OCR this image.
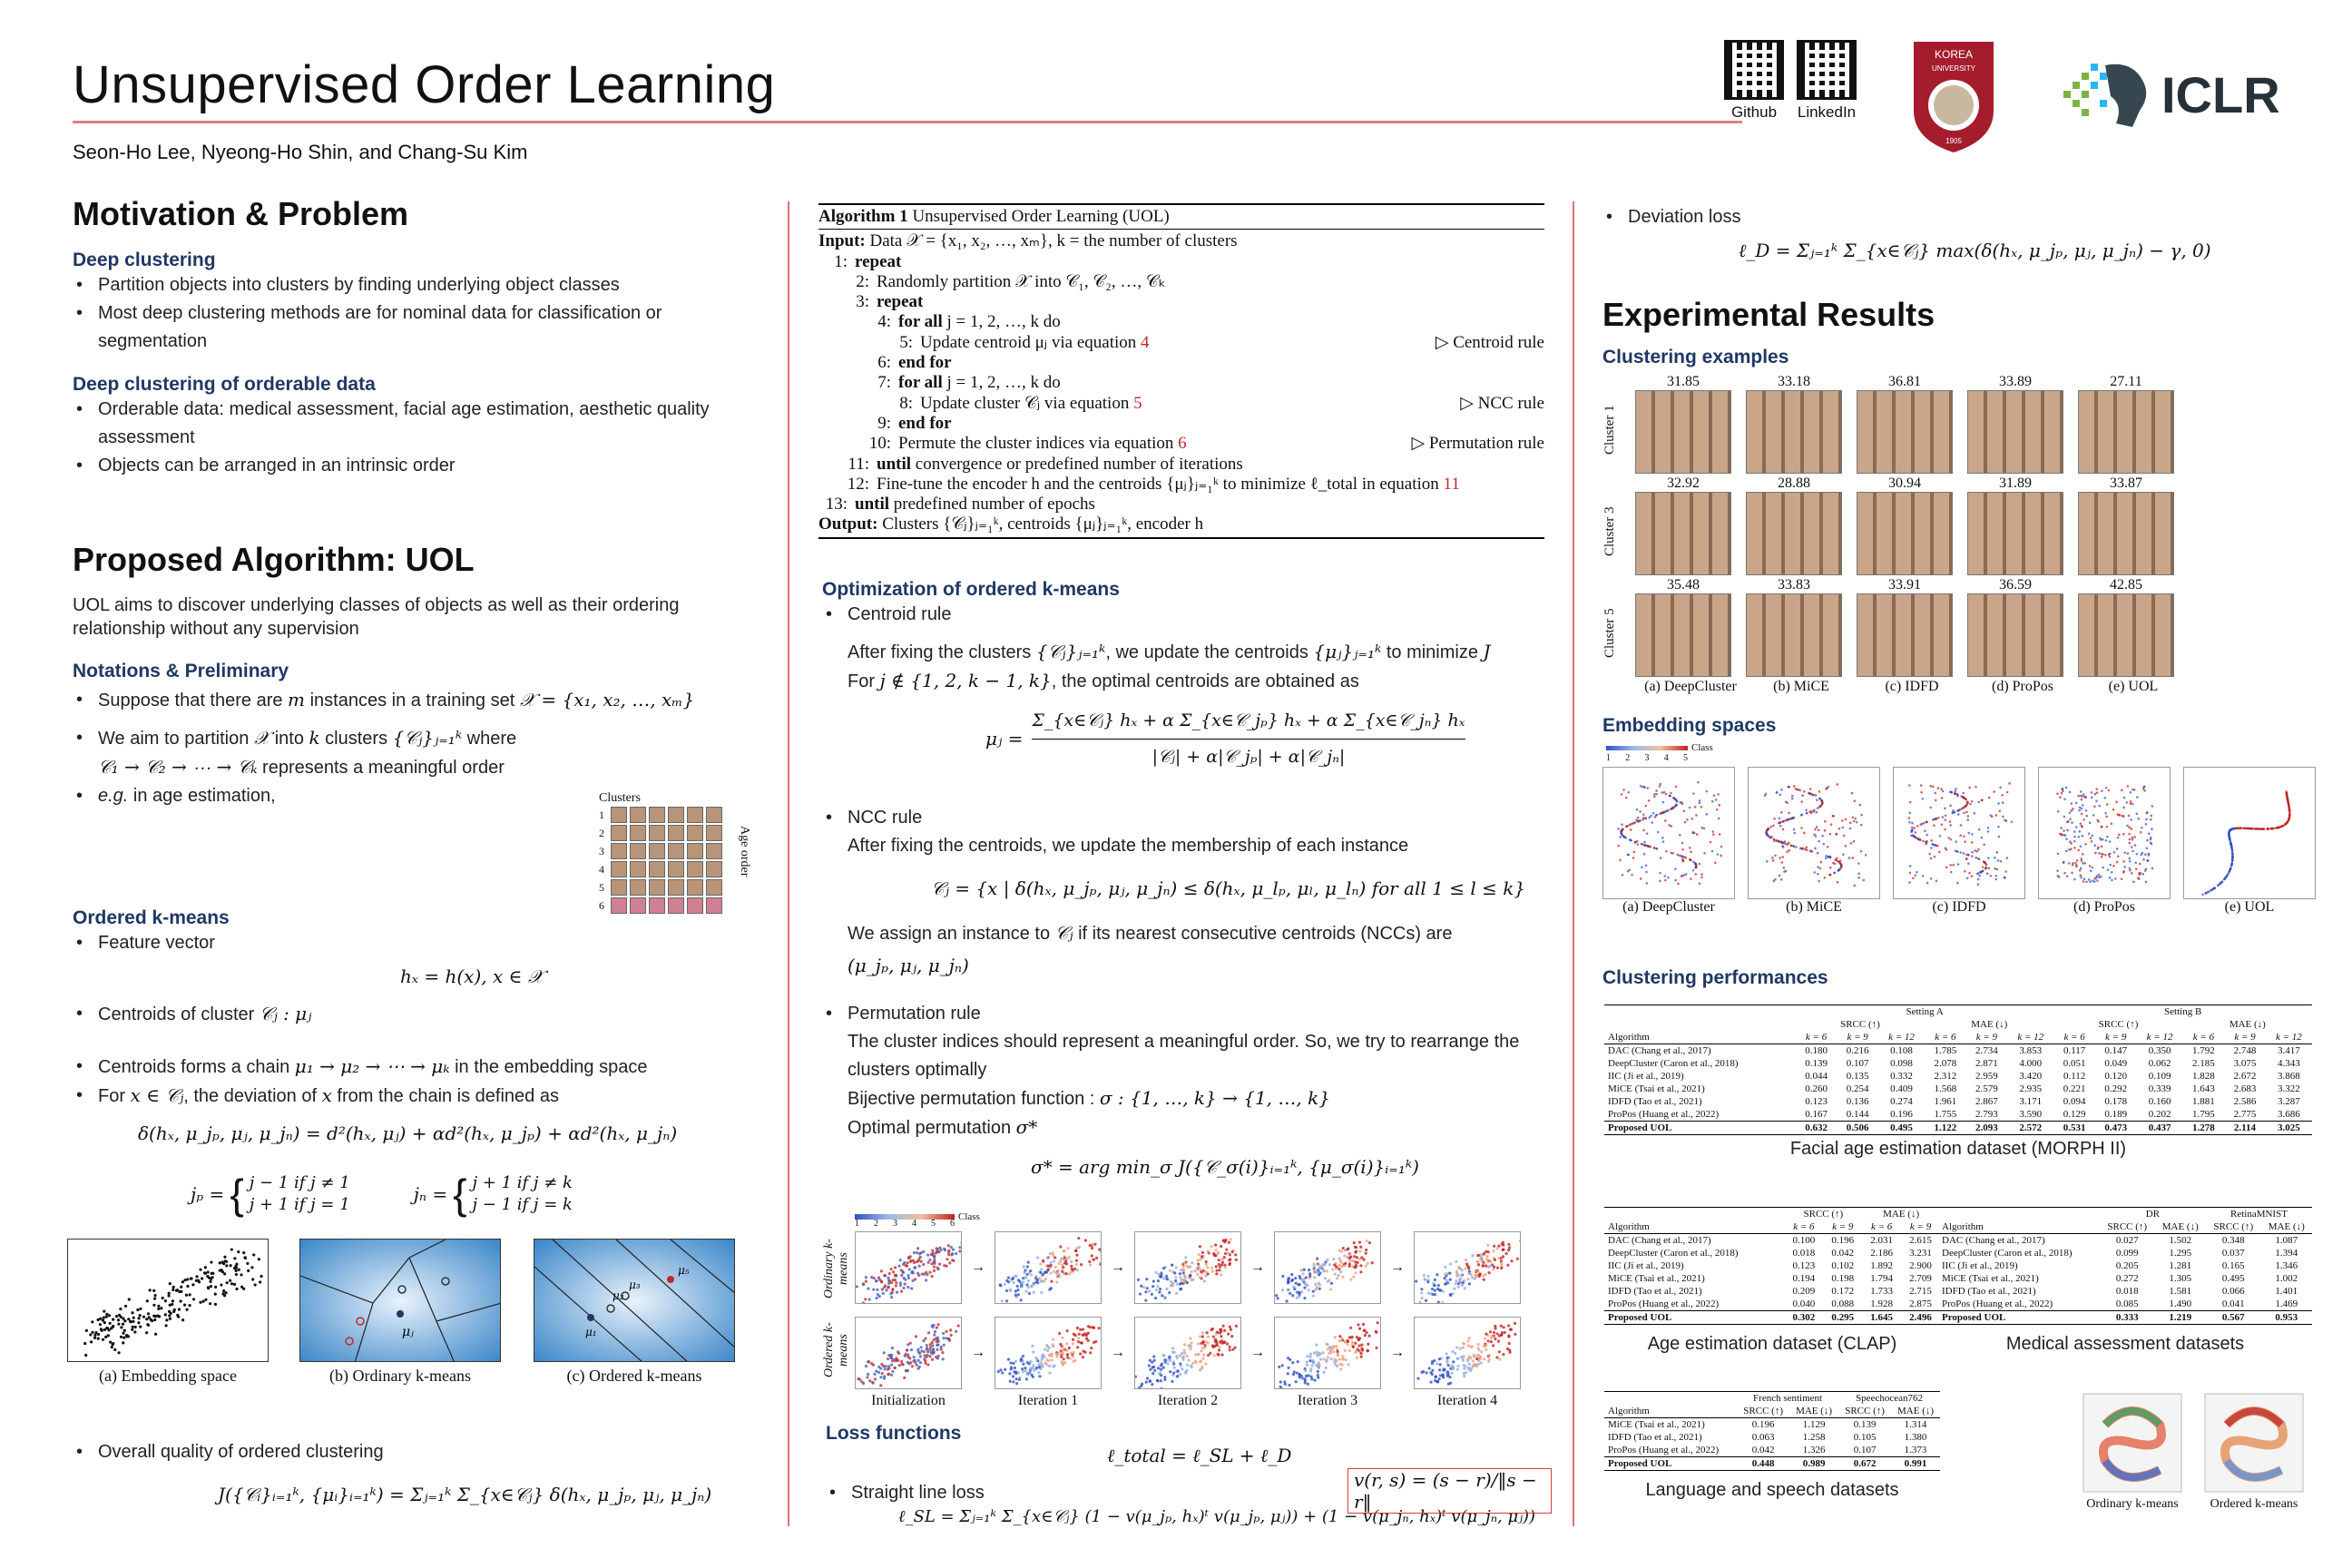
Unsupervised Order Learning
Seon-Ho Lee, Nyeong-Ho Shin, and Chang-Su Kim
Github	LinkedIn
KOREA
UNIVERSITY
1905
ICLR
Motivation & Problem
Deep clustering
• Partition objects into clusters by finding underlying object classes
• Most deep clustering methods are for nominal data for classification or segmentation
Deep clustering of orderable data
• Orderable data: medical assessment, facial age estimation, aesthetic quality assessment
• Objects can be arranged in an intrinsic order
Proposed Algorithm: UOL
UOL aims to discover underlying classes of objects as well as their ordering relationship without any supervision
Notations & Preliminary
• Suppose that there are m instances in a training set 𝒳 = {x₁, x₂, …, xₘ}
• We aim to partition 𝒳 into k clusters {𝒞ⱼ}ⱼ₌₁ᵏ where
𝒞₁ → 𝒞₂ → ⋯ → 𝒞ₖ represents a meaningful order
• e.g. in age estimation,	Clusters
1
2
3
4
5
6
Age order
Ordered k-means
• Feature vector
hₓ = h(x), x ∈ 𝒳
• Centroids of cluster 𝒞ⱼ : μⱼ
• Centroids forms a chain μ₁ → μ₂ → ⋯ → μₖ in the embedding space
• For x ∈ 𝒞ⱼ, the deviation of x from the chain is defined as
δ(hₓ, μ_jₚ, μⱼ, μ_jₙ) = d²(hₓ, μⱼ) + αd²(hₓ, μ_jₚ) + αd²(hₓ, μ_jₙ)
jₚ = { j − 1 if j ≠ 1
j + 1 if j = 1	jₙ = { j + 1 if j ≠ k
j − 1 if j = k
(a) Embedding space
μⱼ
(b) Ordinary k-means
μ₁
μ₂
μ₃
μ₅
(c) Ordered k-means
• Overall quality of ordered clustering
J({𝒞ᵢ}ᵢ₌₁ᵏ, {μᵢ}ᵢ₌₁ᵏ) = Σⱼ₌₁ᵏ Σ_{x∈𝒞ⱼ} δ(hₓ, μ_jₚ, μⱼ, μ_jₙ)
Algorithm 1 Unsupervised Order Learning (UOL)
Input: Data 𝒳 = {x₁, x₂, …, xₘ}, k = the number of clusters
1: repeat
2: Randomly partition 𝒳 into 𝒞₁, 𝒞₂, …, 𝒞ₖ
3: repeat
4: for all j = 1, 2, …, k do
5: Update centroid μⱼ via equation 4	▷ Centroid rule
6: end for
7: for all j = 1, 2, …, k do
8: Update cluster 𝒞ⱼ via equation 5	▷ NCC rule
9: end for
10: Permute the cluster indices via equation 6	▷ Permutation rule
11: until convergence or predefined number of iterations
12: Fine-tune the encoder h and the centroids {μⱼ}ⱼ₌₁ᵏ to minimize ℓ_total in equation 11
13: until predefined number of epochs
Output: Clusters {𝒞ⱼ}ⱼ₌₁ᵏ, centroids {μⱼ}ⱼ₌₁ᵏ, encoder h
Optimization of ordered k-means
• Centroid rule
After fixing the clusters {𝒞ⱼ}ⱼ₌₁ᵏ, we update the centroids {μⱼ}ⱼ₌₁ᵏ to minimize J
For j ∉ {1, 2, k − 1, k}, the optimal centroids are obtained as
μⱼ =
Σ_{x∈𝒞ⱼ} hₓ + α Σ_{x∈𝒞_jₚ} hₓ + α Σ_{x∈𝒞_jₙ} hₓ
|𝒞ⱼ| + α|𝒞_jₚ| + α|𝒞_jₙ|
• NCC rule
After fixing the centroids, we update the membership of each instance
𝒞ⱼ = {x | δ(hₓ, μ_jₚ, μⱼ, μ_jₙ) ≤ δ(hₓ, μ_lₚ, μₗ, μ_lₙ) for all 1 ≤ l ≤ k}
We assign an instance to 𝒞ⱼ if its nearest consecutive centroids (NCCs) are
(μ_jₚ, μⱼ, μ_jₙ)
• Permutation rule
The cluster indices should represent a meaningful order. So, we try to rearrange the clusters optimally
Bijective permutation function : σ : {1, …, k} → {1, …, k}
Optimal permutation σ*
σ* = arg min_σ J({𝒞_σ(i)}ᵢ₌₁ᵏ, {μ_σ(i)}ᵢ₌₁ᵏ)
Class
1 2 3 4 5 6
Ordinary k-means
Ordered k-means
→	→	→	→
→	→	→	→
Initialization	Iteration 1	Iteration 2	Iteration 3	Iteration 4
Loss functions
ℓ_total = ℓ_SL + ℓ_D
• Straight line loss
v(r, s) = (s − r)/‖s − r‖
ℓ_SL = Σⱼ₌₁ᵏ Σ_{x∈𝒞ⱼ} (1 − v(μ_jₚ, hₓ)ᵗ v(μ_jₚ, μⱼ)) + (1 − v(μ_jₙ, hₓ)ᵗ v(μ_jₙ, μⱼ))
• Deviation loss
ℓ_D = Σⱼ₌₁ᵏ Σ_{x∈𝒞ⱼ} max(δ(hₓ, μ_jₚ, μⱼ, μ_jₙ) − γ, 0)
Experimental Results
Clustering examples
Cluster 1
31.85	33.18	36.81	33.89	27.11
Cluster 3
32.92	28.88	30.94	31.89	33.87
Cluster 5
35.48	33.83	33.91	36.59	42.85
(a) DeepCluster	(b) MiCE	(c) IDFD	(d) ProPos	(e) UOL
Embedding spaces
Class
1 2 3 4 5
(a) DeepCluster	(b) MiCE	(c) IDFD	(d) ProPos	(e) UOL
Clustering performances
	Setting A						Setting B					
	SRCC (↑)			MAE (↓)			SRCC (↑)			MAE (↓)		
Algorithm	k = 6	k = 9	k = 12	k = 6	k = 9	k = 12	k = 6	k = 9	k = 12	k = 6	k = 9	k = 12
DAC (Chang et al., 2017)	0.180	0.216	0.108	1.785	2.734	3.853	0.117	0.147	0.350	1.792	2.748	3.417
DeepCluster (Caron et al., 2018)	0.139	0.107	0.098	2.078	2.871	4.000	0.051	0.049	0.062	2.185	3.075	4.343
IIC (Ji et al., 2019)	0.044	0.135	0.332	2.312	2.959	3.420	0.112	0.120	0.109	1.828	2.672	3.868
MiCE (Tsai et al., 2021)	0.260	0.254	0.409	1.568	2.579	2.935	0.221	0.292	0.339	1.643	2.683	3.322
IDFD (Tao et al., 2021)	0.123	0.136	0.274	1.961	2.867	3.171	0.094	0.178	0.160	1.881	2.586	3.287
ProPos (Huang et al., 2022)	0.167	0.144	0.196	1.755	2.793	3.590	0.129	0.189	0.202	1.795	2.775	3.686
Proposed UOL	0.632	0.506	0.495	1.122	2.093	2.572	0.531	0.473	0.437	1.278	2.114	3.025
Facial age estimation dataset (MORPH II)
	SRCC (↑)		MAE (↓)	
Algorithm	k = 6	k = 9	k = 6	k = 9
DAC (Chang et al., 2017)	0.100	0.196	2.031	2.615
DeepCluster (Caron et al., 2018)	0.018	0.042	2.186	3.231
IIC (Ji et al., 2019)	0.123	0.102	1.892	2.900
MiCE (Tsai et al., 2021)	0.194	0.198	1.794	2.709
IDFD (Tao et al., 2021)	0.209	0.172	1.733	2.715
ProPos (Huang et al., 2022)	0.040	0.088	1.928	2.875
Proposed UOL	0.302	0.295	1.645	2.496
Age estimation dataset (CLAP)
	DR		RetinaMNIST	
Algorithm	SRCC (↑)	MAE (↓)	SRCC (↑)	MAE (↓)
DAC (Chang et al., 2017)	0.027	1.502	0.348	1.087
DeepCluster (Caron et al., 2018)	0.099	1.295	0.037	1.394
IIC (Ji et al., 2019)	0.205	1.281	0.165	1.346
MiCE (Tsai et al., 2021)	0.272	1.305	0.495	1.002
IDFD (Tao et al., 2021)	0.018	1.581	0.066	1.401
ProPos (Huang et al., 2022)	0.085	1.490	0.041	1.469
Proposed UOL	0.333	1.219	0.567	0.953
Medical assessment datasets
	French sentiment		Speechocean762	
Algorithm	SRCC (↑)	MAE (↓)	SRCC (↑)	MAE (↓)
MiCE (Tsai et al., 2021)	0.196	1.129	0.139	1.314
IDFD (Tao et al., 2021)	0.063	1.258	0.105	1.380
ProPos (Huang et al., 2022)	0.042	1.326	0.107	1.373
Proposed UOL	0.448	0.989	0.672	0.991
Language and speech datasets
Ordinary k-means	Ordered k-means
